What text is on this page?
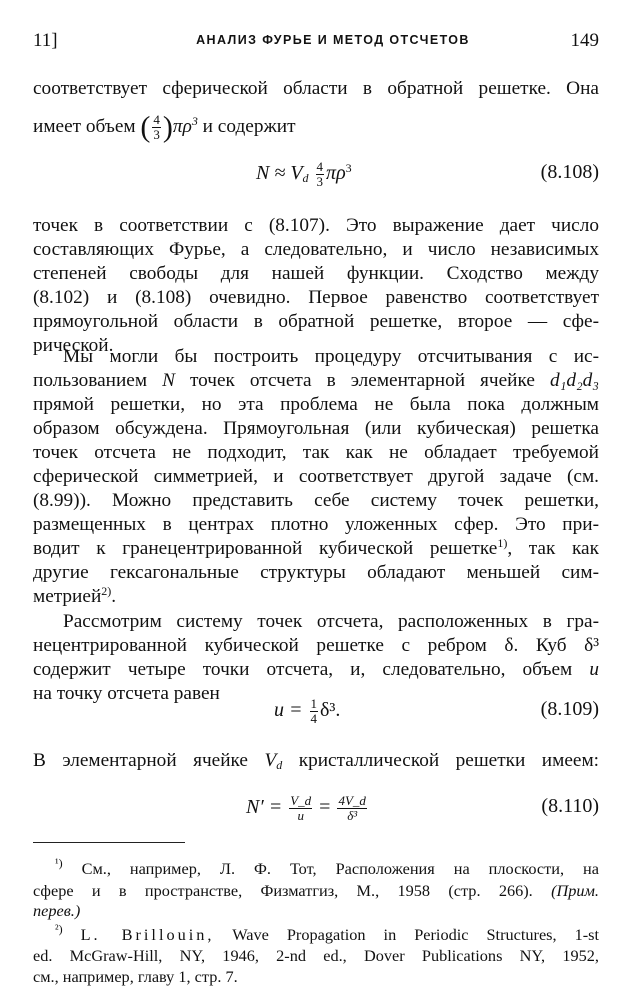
11]	АНАЛИЗ ФУРЬЕ И МЕТОД ОТСЧЕТОВ	149
соответствует сферической области в обратной решетке. Она
имеет объем ( $\frac{4}{3} )\pi\rho^3$ и содержит
$N \approx V_d \frac{4}{3} \pi\rho^3$	(8.108)
точек в соответствии с (8.107). Это выражение дает число
составляющих Фурье, а следовательно, и число независимых
степеней свободы для нашей функции. Сходство между
(8.102) и (8.108) очевидно. Первое равенство соответствует
прямоугольной области в обратной решетке, второе — сфе-
рической.
Мы могли бы построить процедуру отсчитывания с ис-
пользованием N точек отсчета в элементарной ячейке d₁d₂d₃
прямой решетки, но эта проблема не была пока должным
образом обсуждена. Прямоугольная (или кубическая) решетка
точек отсчета не подходит, так как не обладает требуемой
сферической симметрией, и соответствует другой задаче (см.
(8.99)). Можно представить себе систему точек решетки,
размещенных в центрах плотно уложенных сфер. Это при-
водит к гранецентрированной кубической решетке$^{1)}$, так как
другие гексагональные структуры обладают меньшей сим-
метрией$^{2)}$.
Рассмотрим систему точек отсчета, расположенных в гра-
нецентрированной кубической решетке с ребром δ. Куб δ³
содержит четыре точки отсчета, и, следовательно, объем u
на точку отсчета равен
$u = \frac{1}{4} \delta^3$.	(8.109)
В элементарной ячейке $V_d$ кристаллической решетки имеем:
$N' = \frac{V\_d}{u} = \frac{4V\_d}{\text{δ³}}$	(8.110)
$^{^1)}$ См., например, Л. Ф. Тот, Расположения на плоскости, на
сфере и в пространстве, Физматгиз, М., 1958 (стр. 266). (Прим.
перев.)
$^{^2)}$ L. Brillouin, Wave Propagation in Periodic Structures, 1-st
ed. McGraw-Hill, NY, 1946, 2-nd ed., Dover Publications NY, 1952,
см., например, главу 1, стр. 7.
